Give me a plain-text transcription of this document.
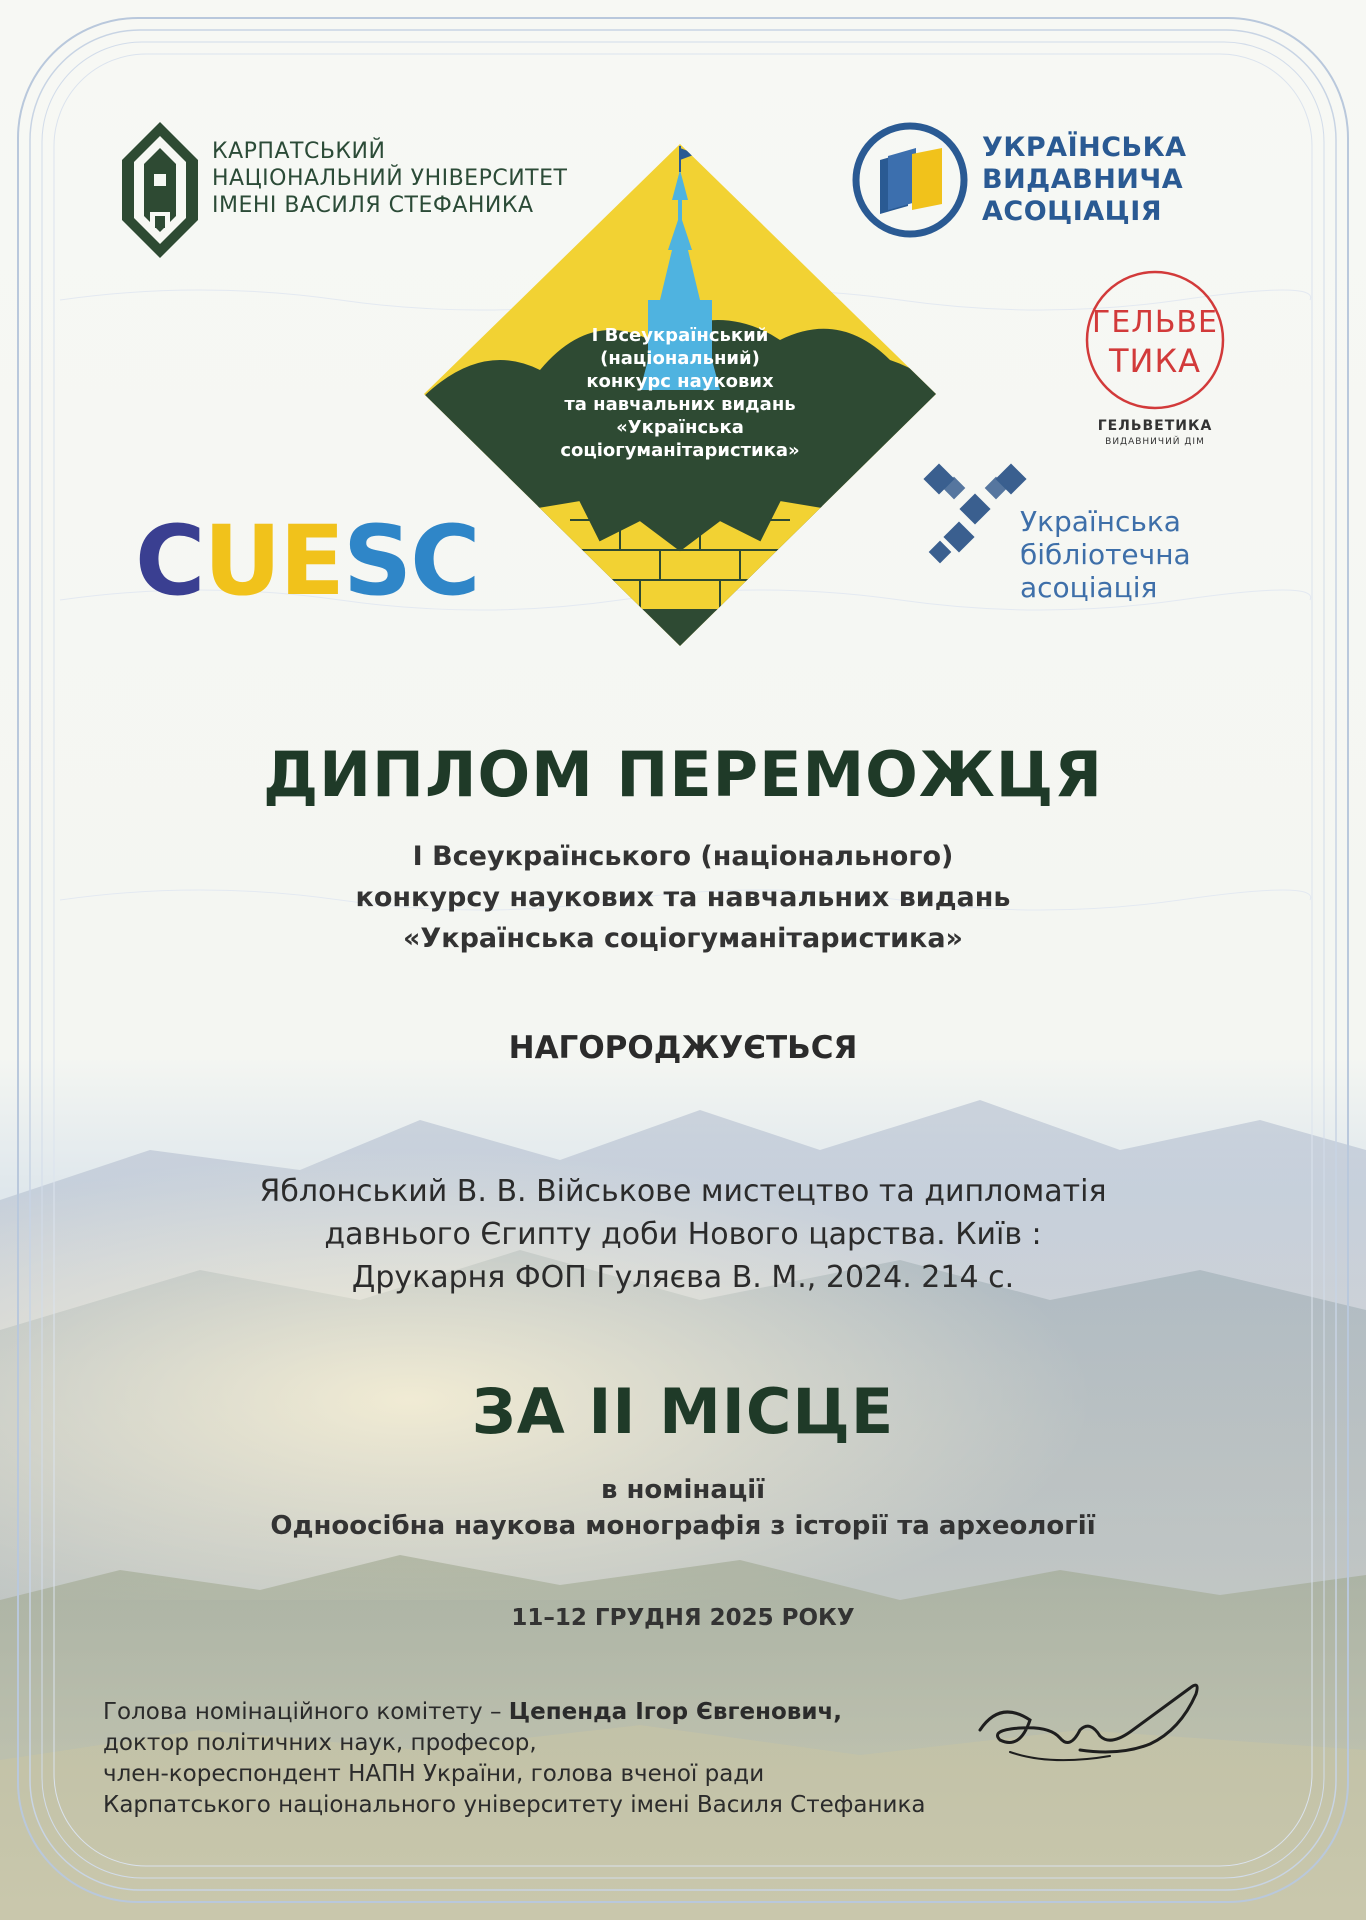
КАРПАТСЬКИЙ
НАЦІОНАЛЬНИЙ УНІВЕРСИТЕТ
ІМЕНІ ВАСИЛЯ СТЕФАНИКА
УКРАЇНСЬКА
ВИДАВНИЧА
АСОЦІАЦІЯ
ГЕЛЬВЕ
ТИКА
ГЕЛЬВЕТИКА
ВИДАВНИЧИЙ ДІМ
Українська
бібліотечна
асоціація
CUESC
I Всеукраїнський
(національний)
конкурс наукових
та навчальних видань
«Українська
соціогуманітаристика»
ДИПЛОМ ПЕРЕМОЖЦЯ
І Всеукраїнського (національного)
конкурсу наукових та навчальних видань
«Українська соціогуманітаристика»
НАГОРОДЖУЄТЬСЯ
Яблонський В. В. Військове мистецтво та дипломатія
давнього Єгипту доби Нового царства. Київ :
Друкарня ФОП Гуляєва В. М., 2024. 214 с.
ЗА ІІ МІСЦЕ
в номінації
Одноосібна наукова монографія з історії та археології
11–12 ГРУДНЯ 2025 РОКУ
Голова номінаційного комітету – Цепенда Ігор Євгенович,
доктор політичних наук, професор,
член-кореспондент НАПН України, голова вченої ради
Карпатського національного університету імені Василя Стефаника
